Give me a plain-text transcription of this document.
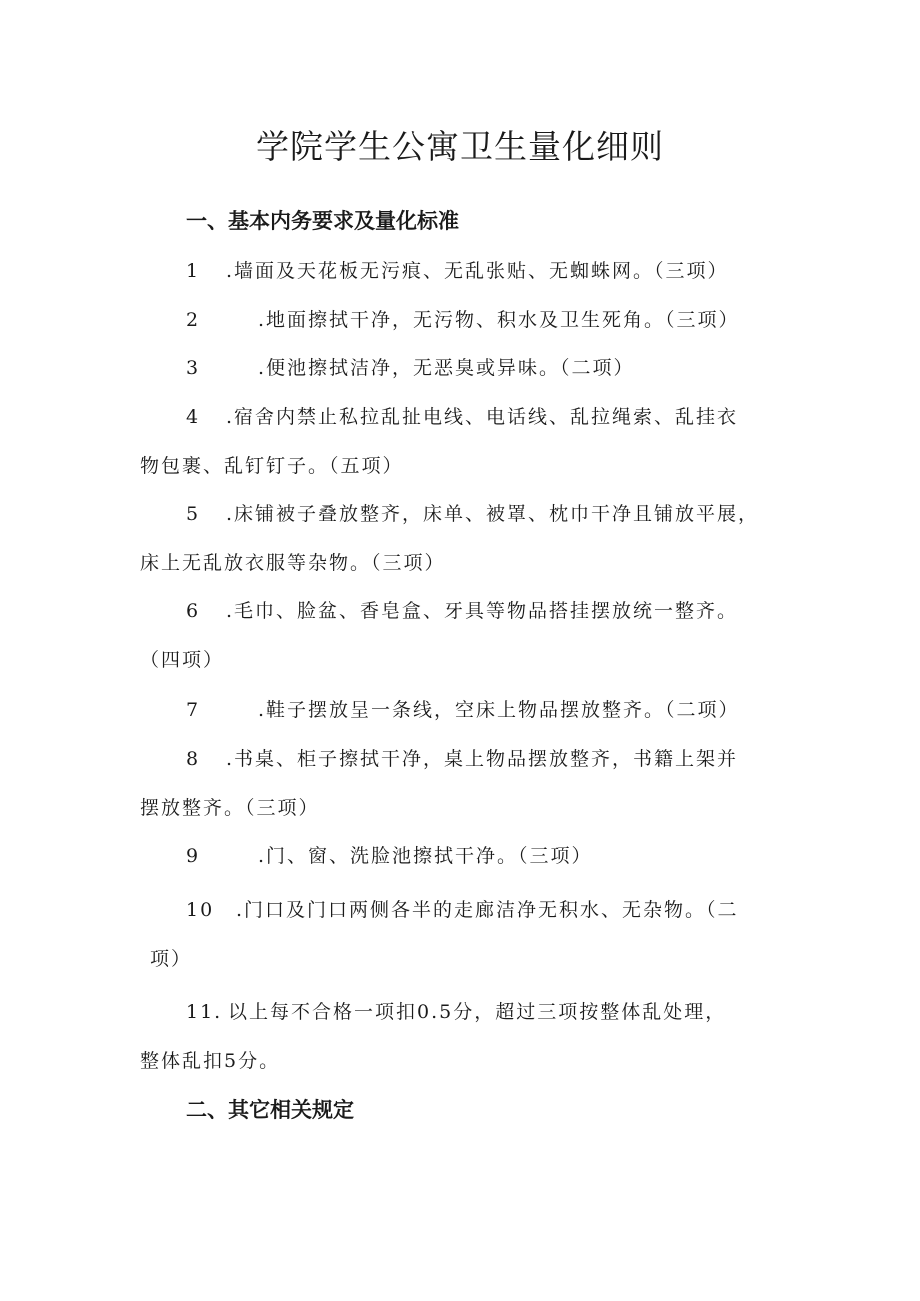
学院学生公寓卫生量化细则
一、基本内务要求及量化标准

1 .墙面及天花板无污痕、无乱张贴、无蜘蛛网。（三项）

2	.地面擦拭干净，无污物、积水及卫生死角。（三项）

3	.便池擦拭洁净，无恶臭或异味。（二项）

4 .宿舍内禁止私拉乱扯电线、电话线、乱拉绳索、乱挂衣
物包裹、乱钉钉子。（五项）

5 .床铺被子叠放整齐，床单、被罩、枕巾干净且铺放平展，
床上无乱放衣服等杂物。（三项）

6 .毛巾、脸盆、香皂盒、牙具等物品搭挂摆放统一整齐。
（四项）

7	.鞋子摆放呈一条线，空床上物品摆放整齐。（二项）

8 .书桌、柜子擦拭干净，桌上物品摆放整齐，书籍上架并
摆放整齐。（三项）

9	.门、窗、洗脸池擦拭干净。（三项）

10 .门口及门口两侧各半的走廊洁净无积水、无杂物。（二
项）

11. 以上每不合格一项扣0.5分，超过三项按整体乱处理，
整体乱扣5分。

二、其它相关规定
